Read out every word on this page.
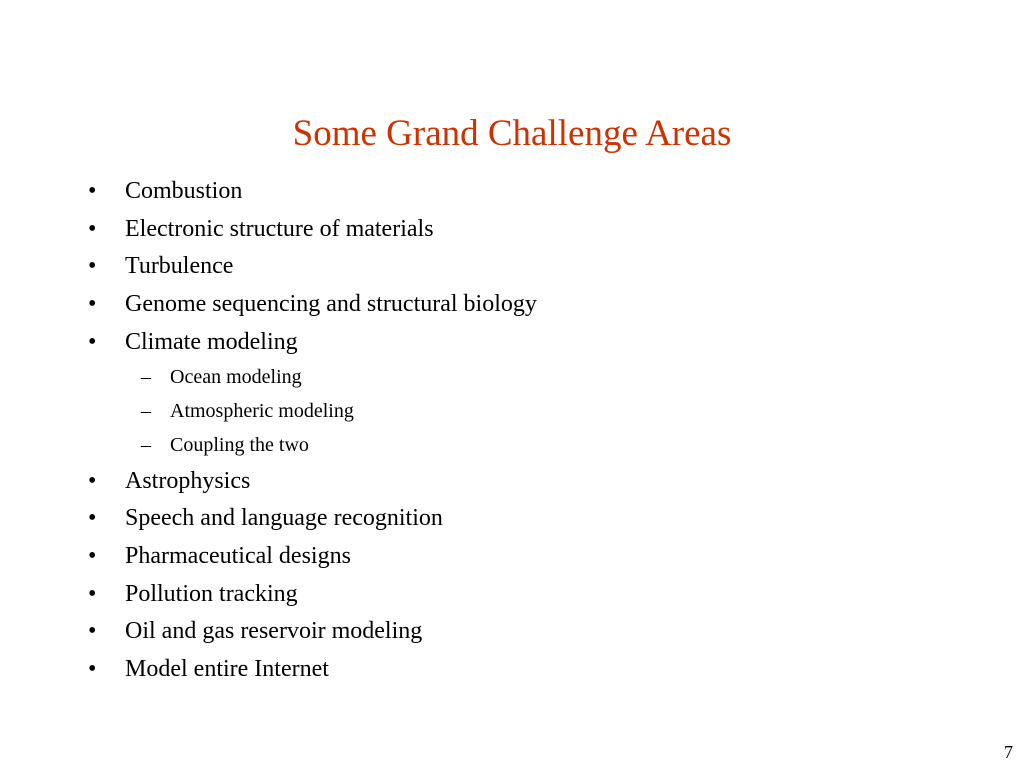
Some Grand Challenge Areas
•	Combustion
•	Electronic structure of materials
•	Turbulence
•	Genome sequencing and structural biology
•	Climate modeling
– Ocean modeling
– Atmospheric modeling
– Coupling the two
•	Astrophysics
•	Speech and language recognition
•	Pharmaceutical designs
•	Pollution tracking
•	Oil and gas reservoir modeling
•	Model entire Internet
7
